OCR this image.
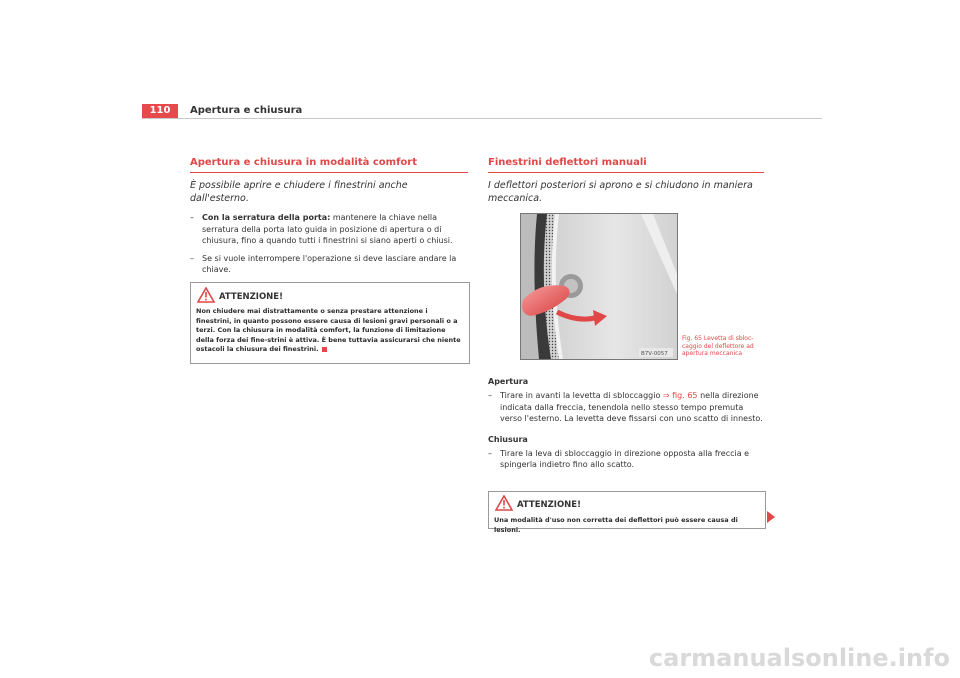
110	Apertura e chiusura
Apertura e chiusura in modalità comfort

È possibile aprire e chiudere i finestrini anche dall'esterno.

– Con la serratura della porta: mantenere la chiave nella serratura della porta lato guida in posizione di apertura o di chiusura, fino a quando tutti i finestrini si siano aperti o chiusi.
– Se si vuole interrompere l'operazione si deve lasciare andare la chiave.
ATTENZIONE!
Non chiudere mai distrattamente o senza prestare attenzione i finestrini, in quanto possono essere causa di lesioni gravi personali o a terzi. Con la chiusura in modalità comfort, la funzione di limitazione della forza dei fine-strini è attiva. È bene tuttavia assicurarsi che niente ostacoli la chiusura dei finestrini.
Finestrini deflettori manuali

I deflettori posteriori si aprono e si chiudono in maniera meccanica.

B7V-0057
Fig. 65 Levetta di sbloc-caggio del deflettore ad apertura meccanica

Apertura

– Tirare in avanti la levetta di sbloccaggio ⇒ fig. 65 nella direzione indicata dalla freccia, tenendola nello stesso tempo premuta verso l'esterno. La levetta deve fissarsi con uno scatto di innesto.

Chiusura

– Tirare la leva di sbloccaggio in direzione opposta alla freccia e spingerla indietro fino allo scatto.
ATTENZIONE!
Una modalità d'uso non corretta dei deflettori può essere causa di lesioni.
carmanualsonline.info
